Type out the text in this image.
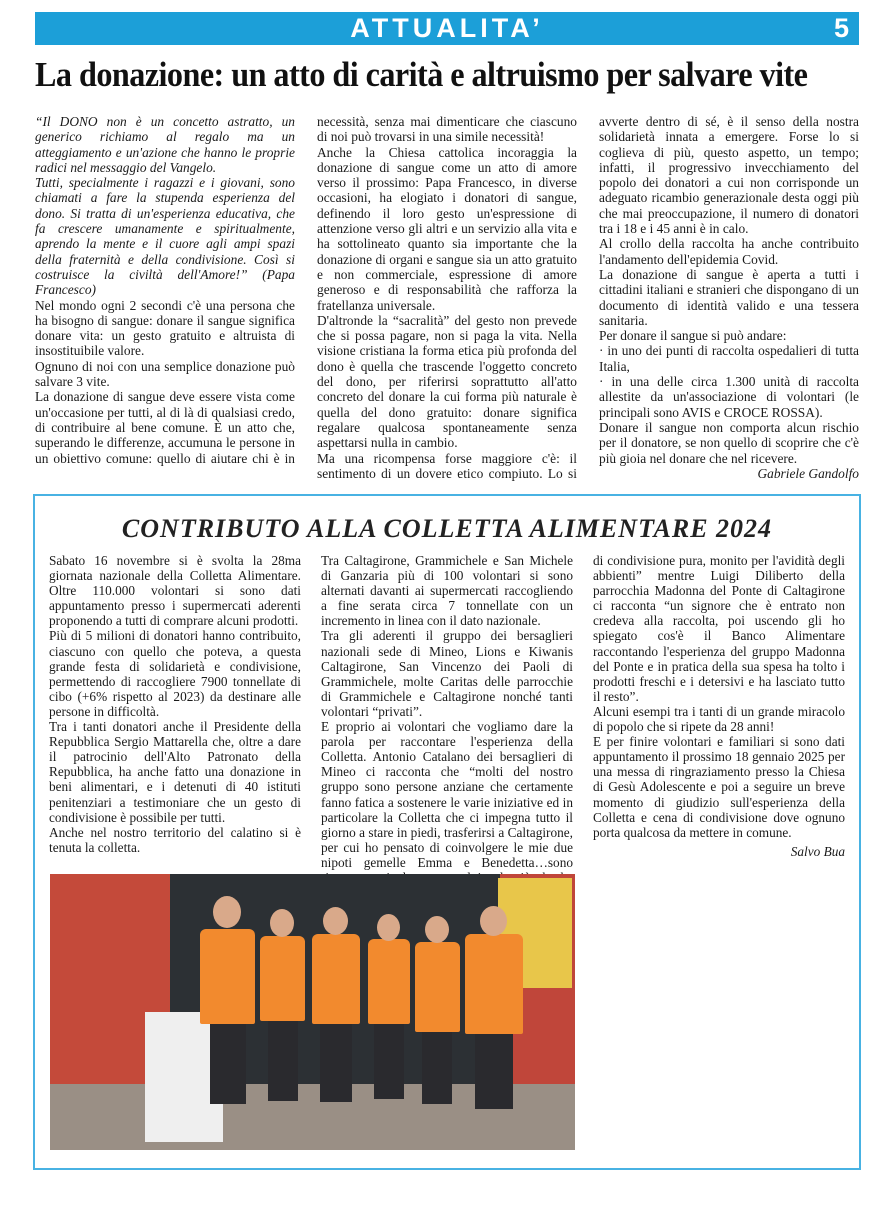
ATTUALITA’	5
La donazione: un atto di carità e altruismo per salvare vite

“Il DONO non è un concetto astratto, un generico richiamo al regalo ma un atteggiamento e un'azione che hanno le proprie radici nel messaggio del Vangelo.

Tutti, specialmente i ragazzi e i giovani, sono chiamati a fare la stupenda esperienza del dono. Si tratta di un'esperienza educativa, che fa crescere umanamente e spiritualmente, aprendo la mente e il cuore agli ampi spazi della fraternità e della condivisione. Così si costruisce la civiltà dell'Amore!” (Papa Francesco)

Nel mondo ogni 2 secondi c'è una persona che ha bisogno di sangue: donare il sangue significa donare vita: un gesto gratuito e altruista di insostituibile valore.

Ognuno di noi con una semplice donazione può salvare 3 vite.

La donazione di sangue deve essere vista come un'occasione per tutti, al di là di qualsiasi credo, di contribuire al bene comune. È un atto che, superando le differenze, accumuna le persone in un obiettivo comune: quello di aiutare chi è in necessità, senza mai dimenticare che ciascuno di noi può trovarsi in una simile necessità!

Anche la Chiesa cattolica incoraggia la donazione di sangue come un atto di amore verso il prossimo: Papa Francesco, in diverse occasioni, ha elogiato i donatori di sangue, definendo il loro gesto un'espressione di attenzione verso gli altri e un servizio alla vita e ha sottolineato quanto sia importante che la donazione di organi e sangue sia un atto gratuito e non commerciale, espressione di amore generoso e di responsabilità che rafforza la fratellanza universale.

D'altronde la “sacralità” del gesto non prevede che si possa pagare, non si paga la vita. Nella visione cristiana la forma etica più profonda del dono è quella che trascende l'oggetto concreto del dono, per riferirsi soprattutto all'atto concreto del donare la cui forma più naturale è quella del dono gratuito: donare significa regalare qualcosa spontaneamente senza aspettarsi nulla in cambio.

Ma una ricompensa forse maggiore c'è: il sentimento di un dovere etico compiuto. Lo si avverte dentro di sé, è il senso della nostra solidarietà innata a emergere. Forse lo si coglieva di più, questo aspetto, un tempo; infatti, il progressivo invecchiamento del popolo dei donatori a cui non corrisponde un adeguato ricambio generazionale desta oggi più che mai preoccupazione, il numero di donatori tra i 18 e i 45 anni è in calo.

Al crollo della raccolta ha anche contribuito l'andamento dell'epidemia Covid.

La donazione di sangue è aperta a tutti i cittadini italiani e stranieri che dispongano di un documento di identità valido e una tessera sanitaria.

Per donare il sangue si può andare:

· in uno dei punti di raccolta ospedalieri di tutta Italia,

· in una delle circa 1.300 unità di raccolta allestite da un'associazione di volontari (le principali sono AVIS e CROCE ROSSA).

Donare il sangue non comporta alcun rischio per il donatore, se non quello di scoprire che c'è più gioia nel donare che nel ricevere.

Gabriele Gandolfo

CONTRIBUTO ALLA COLLETTA ALIMENTARE 2024

Sabato 16 novembre si è svolta la 28ma giornata nazionale della Colletta Alimentare. Oltre 110.000 volontari si sono dati appuntamento presso i supermercati aderenti proponendo a tutti di comprare alcuni prodotti.

Più di 5 milioni di donatori hanno contribuito, ciascuno con quello che poteva, a questa grande festa di solidarietà e condivisione, permettendo di raccogliere 7900 tonnellate di cibo (+6% rispetto al 2023) da destinare alle persone in difficoltà.

Tra i tanti donatori anche il Presidente della Repubblica Sergio Mattarella che, oltre a dare il patrocinio dell'Alto Patronato della Repubblica, ha anche fatto una donazione in beni alimentari, e i detenuti di 40 istituti penitenziari a testimoniare che un gesto di condivisione è possibile per tutti.

Anche nel nostro territorio del calatino si è tenuta la colletta.

Tra Caltagirone, Grammichele e San Michele di Ganzaria più di 100 volontari si sono alternati davanti ai supermercati raccogliendo a fine serata circa 7 tonnellate con un incremento in linea con il dato nazionale.

Tra gli aderenti il gruppo dei bersaglieri nazionali sede di Mineo, Lions e Kiwanis Caltagirone, San Vincenzo dei Paoli di Grammichele, molte Caritas delle parrocchie di Grammichele e Caltagirone nonché tanti volontari “privati”.

E proprio ai volontari che vogliamo dare la parola per raccontare l'esperienza della Colletta. Antonio Catalano dei bersaglieri di Mineo ci racconta che “molti del nostro gruppo sono persone anziane che certamente fanno fatica a sostenere le varie iniziative ed in particolare la Colletta che ci impegna tutto il giorno a stare in piedi, trasferirsi a Caltagirone, per cui ho pensato di coinvolgere le mie due nipoti gemelle Emma e Benedetta…sono

di condivisione pura, monito per l'avidità degli abbienti” mentre Luigi Diliberto della parrocchia Madonna del Ponte di Caltagirone ci racconta “un signore che è entrato non credeva alla raccolta, poi uscendo gli ho spiegato cos'è il Banco Alimentare raccontando l'esperienza del gruppo Madonna del Ponte e in pratica della sua spesa ha tolto i prodotti freschi e i detersivi e ha lasciato tutto il resto”.

Alcuni esempi tra i tanti di un grande miracolo di popolo che si ripete da 28 anni!

E per finire volontari e familiari si sono dati appuntamento il prossimo 18 gennaio 2025 per una messa di ringraziamento presso la Chiesa di Gesù Adolescente e poi a seguire un breve momento di giudizio sull'esperienza della Colletta e cena di condivisione dove ognuno porta qualcosa da mettere in comune.

Salvo Bua
